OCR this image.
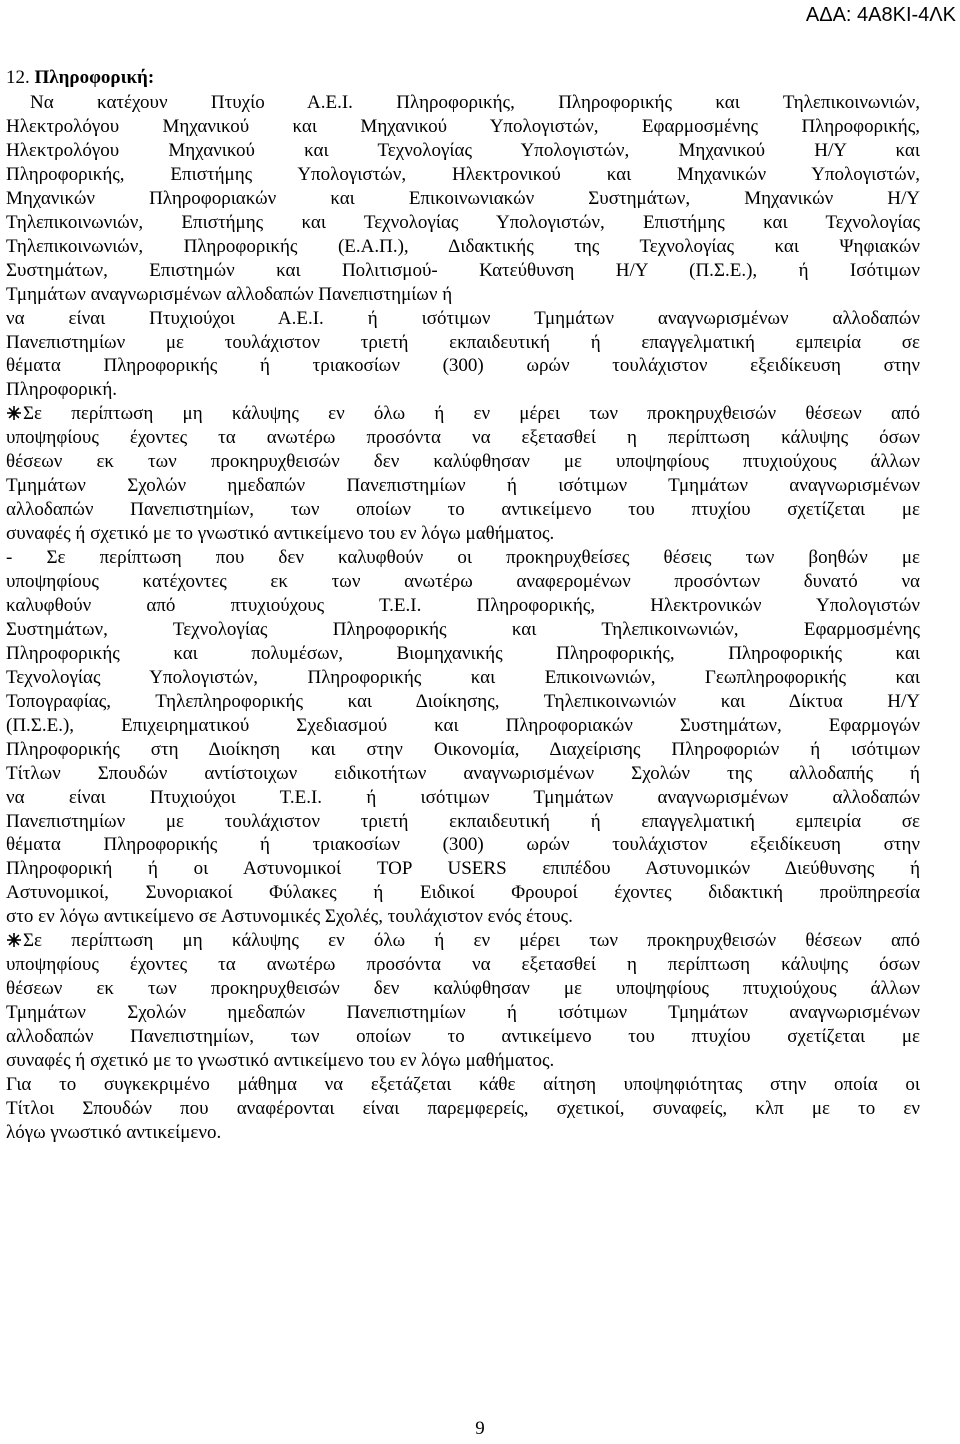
ΑΔΑ: 4Α8ΚΙ-4ΛΚ
12. Πληροφορική:
Να κατέχουν Πτυχίο Α.Ε.Ι. Πληροφορικής, Πληροφορικής και Τηλεπικοινωνιών,
Ηλεκτρολόγου Μηχανικού και Μηχανικού Υπολογιστών, Εφαρμοσμένης Πληροφορικής,
Ηλεκτρολόγου Μηχανικού και Τεχνολογίας Υπολογιστών, Μηχανικού Η/Υ και
Πληροφορικής, Επιστήμης Υπολογιστών, Ηλεκτρονικού και Μηχανικών Υπολογιστών,
Μηχανικών Πληροφοριακών και Επικοινωνιακών Συστημάτων, Μηχανικών Η/Υ
Τηλεπικοινωνιών, Επιστήμης και Τεχνολογίας Υπολογιστών, Επιστήμης και Τεχνολογίας
Τηλεπικοινωνιών, Πληροφορικής (Ε.Α.Π.), Διδακτικής της Τεχνολογίας και Ψηφιακών
Συστημάτων, Επιστημών και Πολιτισμού- Κατεύθυνση Η/Υ (Π.Σ.Ε.), ή Ισότιμων
Τμημάτων αναγνωρισμένων αλλοδαπών Πανεπιστημίων ή
να είναι Πτυχιούχοι Α.Ε.Ι. ή ισότιμων Τμημάτων αναγνωρισμένων αλλοδαπών
Πανεπιστημίων με τουλάχιστον τριετή εκπαιδευτική ή επαγγελματική εμπειρία σε
θέματα Πληροφορικής ή τριακοσίων (300) ωρών τουλάχιστον εξειδίκευση στην
Πληροφορική.
Σε περίπτωση μη κάλυψης εν όλω ή εν μέρει των προκηρυχθεισών θέσεων από
υποψηφίους έχοντες τα ανωτέρω προσόντα να εξετασθεί η περίπτωση κάλυψης όσων
θέσεων εκ των προκηρυχθεισών δεν καλύφθησαν με υποψηφίους πτυχιούχους άλλων
Τμημάτων Σχολών ημεδαπών Πανεπιστημίων ή ισότιμων Τμημάτων αναγνωρισμένων
αλλοδαπών Πανεπιστημίων, των οποίων το αντικείμενο του πτυχίου σχετίζεται με
συναφές ή σχετικό με το γνωστικό αντικείμενο του εν λόγω μαθήματος.
- Σε περίπτωση που δεν καλυφθούν οι προκηρυχθείσες θέσεις των βοηθών με
υποψηφίους κατέχοντες εκ των ανωτέρω αναφερομένων προσόντων δυνατό να
καλυφθούν από πτυχιούχους Τ.Ε.Ι. Πληροφορικής, Ηλεκτρονικών Υπολογιστών
Συστημάτων, Τεχνολογίας Πληροφορικής και Τηλεπικοινωνιών, Εφαρμοσμένης
Πληροφορικής και πολυμέσων, Βιομηχανικής Πληροφορικής, Πληροφορικής και
Τεχνολογίας Υπολογιστών, Πληροφορικής και Επικοινωνιών, Γεωπληροφορικής και
Τοπογραφίας, Τηλεπληροφορικής και Διοίκησης, Τηλεπικοινωνιών και Δίκτυα Η/Υ
(Π.Σ.Ε.), Επιχειρηματικού Σχεδιασμού και Πληροφοριακών Συστημάτων, Εφαρμογών
Πληροφορικής στη Διοίκηση και στην Οικονομία, Διαχείρισης Πληροφοριών ή ισότιμων
Τίτλων Σπουδών αντίστοιχων ειδικοτήτων αναγνωρισμένων Σχολών της αλλοδαπής ή
να είναι Πτυχιούχοι Τ.Ε.Ι. ή ισότιμων Τμημάτων αναγνωρισμένων αλλοδαπών
Πανεπιστημίων με τουλάχιστον τριετή εκπαιδευτική ή επαγγελματική εμπειρία σε
θέματα Πληροφορικής ή τριακοσίων (300) ωρών τουλάχιστον εξειδίκευση στην
Πληροφορική ή οι Αστυνομικοί TOP USERS επιπέδου Αστυνομικών Διεύθυνσης ή
Αστυνομικοί, Συνοριακοί Φύλακες ή Ειδικοί Φρουροί έχοντες διδακτική προϋπηρεσία
στο εν λόγω αντικείμενο σε Αστυνομικές Σχολές, τουλάχιστον ενός έτους.
Σε περίπτωση μη κάλυψης εν όλω ή εν μέρει των προκηρυχθεισών θέσεων από
υποψηφίους έχοντες τα ανωτέρω προσόντα να εξετασθεί η περίπτωση κάλυψης όσων
θέσεων εκ των προκηρυχθεισών δεν καλύφθησαν με υποψηφίους πτυχιούχους άλλων
Τμημάτων Σχολών ημεδαπών Πανεπιστημίων ή ισότιμων Τμημάτων αναγνωρισμένων
αλλοδαπών Πανεπιστημίων, των οποίων το αντικείμενο του πτυχίου σχετίζεται με
συναφές ή σχετικό με το γνωστικό αντικείμενο του εν λόγω μαθήματος.
Για το συγκεκριμένο μάθημα να εξετάζεται κάθε αίτηση υποψηφιότητας στην οποία οι
Τίτλοι Σπουδών που αναφέρονται είναι παρεμφερείς, σχετικοί, συναφείς, κλπ με το εν
λόγω γνωστικό αντικείμενο.
9
